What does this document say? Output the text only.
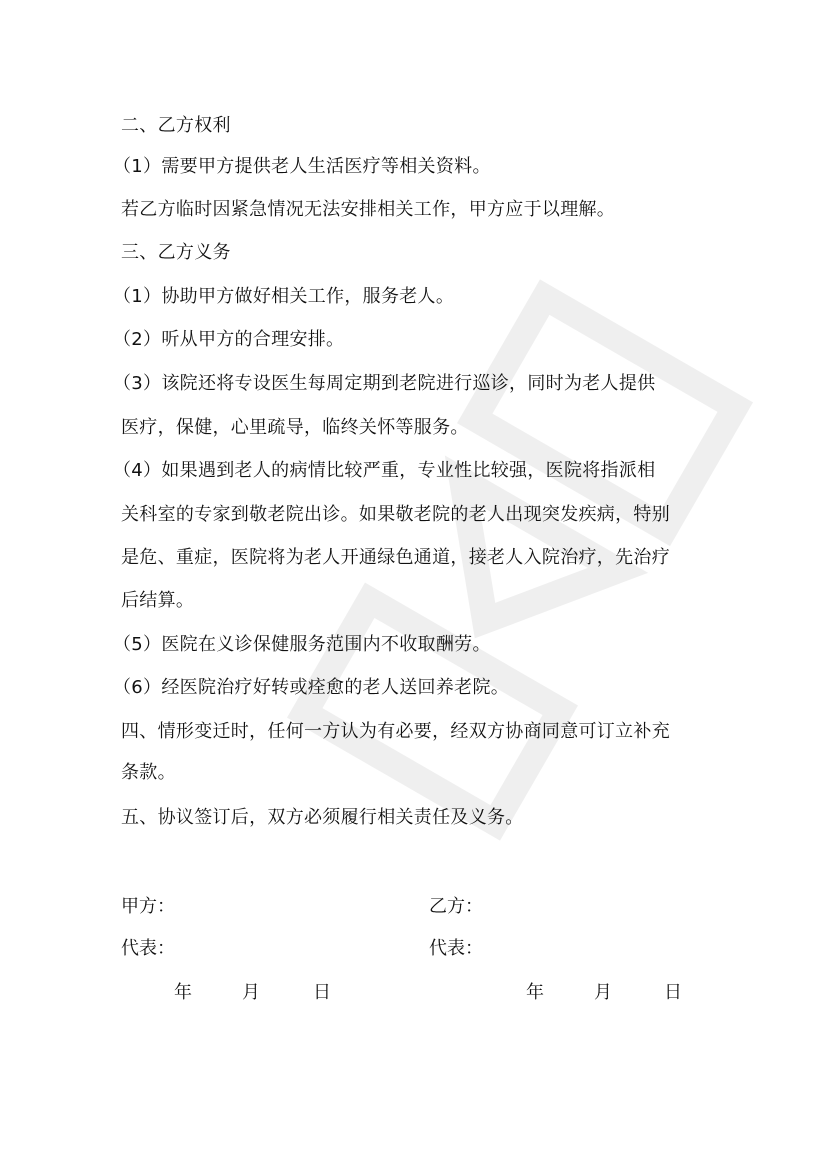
二、乙方权利
（1）需要甲方提供老人生活医疗等相关资料。
若乙方临时因紧急情况无法安排相关工作，甲方应于以理解。
三、乙方义务
（1）协助甲方做好相关工作，服务老人。
（2）听从甲方的合理安排。
（3）该院还将专设医生每周定期到老院进行巡诊，同时为老人提供
医疗，保健，心里疏导，临终关怀等服务。
（4）如果遇到老人的病情比较严重，专业性比较强，医院将指派相
关科室的专家到敬老院出诊。如果敬老院的老人出现突发疾病，特别
是危、重症，医院将为老人开通绿色通道，接老人入院治疗，先治疗
后结算。
（5）医院在义诊保健服务范围内不收取酬劳。
（6）经医院治疗好转或痊愈的老人送回养老院。
四、情形变迁时，任何一方认为有必要，经双方协商同意可订立补充
条款。
五、协议签订后，双方必须履行相关责任及义务。
甲方：	乙方：
代表：	代表：
年	月	日	年	月	日
